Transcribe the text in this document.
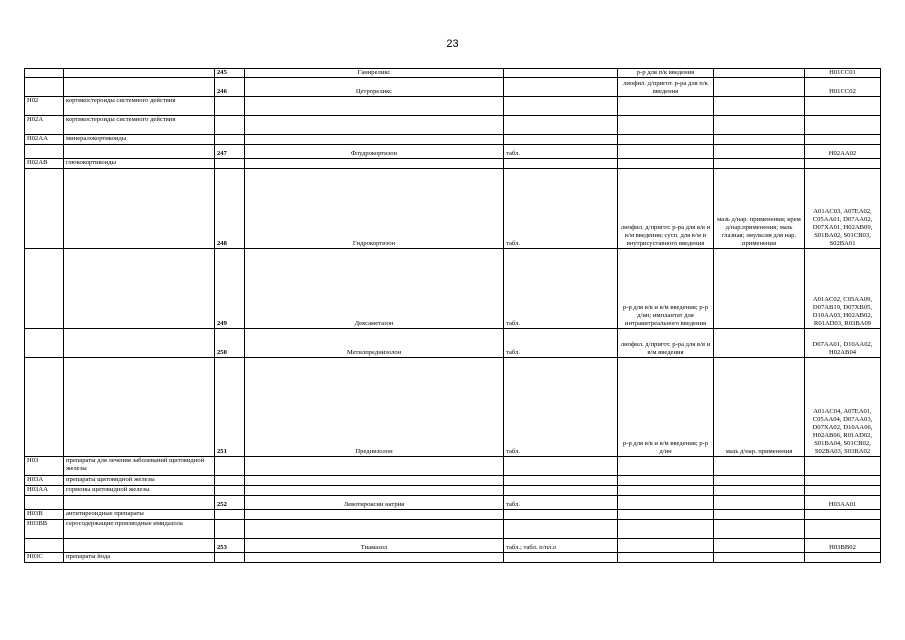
23
		245	Ганиреликс		р-р для п/к введения		H01CC01
		246	Цетрореликс		лиофил. д/пригот. р-ра для п/к введения		H01CC02
H02	кортикостероиды системного действия						
H02A	кортикостероиды системного действия						
H02AA	минералокортикоиды						
		247	Флудрокортизон	табл.			H02AA02
H02AB	глюкокортикоиды						
		248	Гидрокортизон	табл.	лиофил. д/пригот. р-ра для в/в и в/м введения; сусп. для в/м и внутрисуставного введения	мазь д/нар. применения; крем д/нар.применения; мазь глазная; эмульсия для нар. применения	A01AC03, A07EA02, C05AA01, D07AA02, D07XA01, H02AB09, S01BA02, S01CB03, S02BA01
		249	Дексаметазон	табл.	р-р для в/в и в/м введения; р-р д/ин; имплантат для интравитреального введения		A01AC02, C05AA09, D07AB19, D07XB05, D10AA03, H02AB02, R01AD03, R03BA09
		250	Метилпреднизолон	табл.	лиофил. д/пригот. р-ра для в/в и в/м введения		D07AA01, D10AA02, H02AB04
		251	Преднизолон	табл.	р-р для в/в и в/м введения; р-р д/ин	мазь д/нар. применения	A01AC04, A07EA01, C05AA04, D07AA03, D07XA02, D10AA06, H02AB06, R01AD02, S01BA04, S01CB02, S02BA03, S03BA02
H03	препараты для лечения заболеваний щитовидной железы						
H03A	препараты щитовидной железы						
H03AA	гормоны щитовидной железы						
		252	Левотироксин натрия	табл.			H03AA01
H03B	антитиреоидные препараты						
H03BB	серосодержащие производные имидазола						
		253	Тиамазол	табл.; табл. п/пл.о			H03BB02
H03C	препараты йода						
